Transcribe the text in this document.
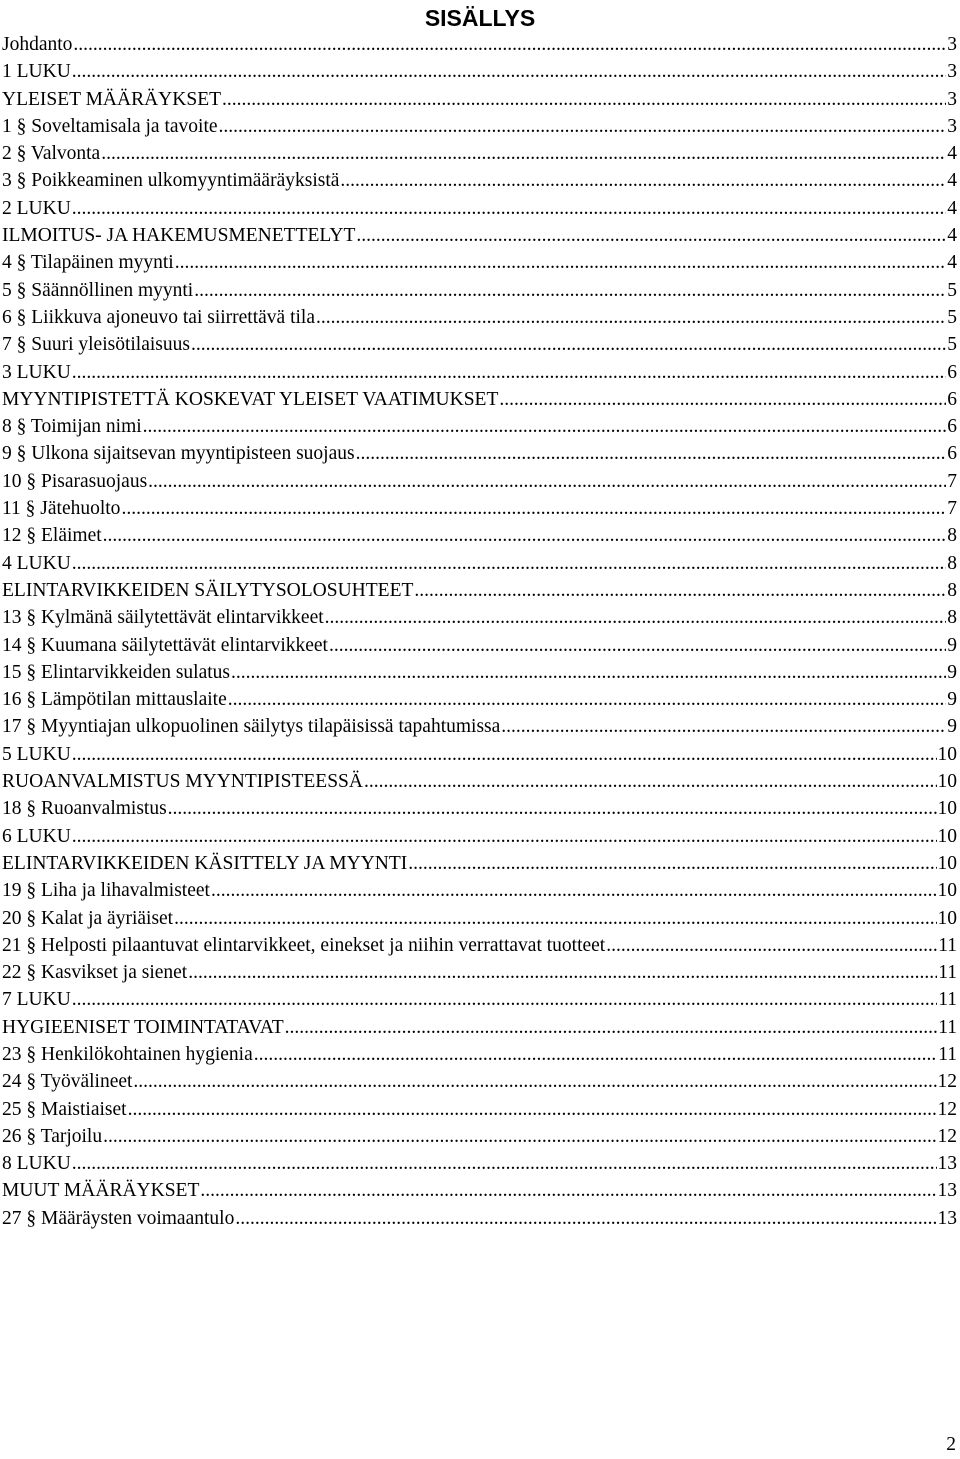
SISÄLLYS
Johdanto .....	3
1 LUKU .....	3
YLEISET MÄÄRÄYKSET .....	3
1 § Soveltamisala ja tavoite .....	3
2 § Valvonta .....	4
3 § Poikkeaminen ulkomyyntimääräyksistä .....	4
2 LUKU .....	4
ILMOITUS- JA HAKEMUSMENETTELYT .....	4
4 § Tilapäinen myynti .....	4
5 § Säännöllinen myynti .....	5
6 § Liikkuva ajoneuvo tai siirrettävä tila .....	5
7 § Suuri yleisötilaisuus .....	5
3 LUKU .....	6
MYYNTIPISTETTÄ KOSKEVAT YLEISET VAATIMUKSET .....	6
8 § Toimijan nimi .....	6
9 § Ulkona sijaitsevan myyntipisteen suojaus .....	6
10 § Pisarasuojaus .....	7
11 § Jätehuolto .....	7
12 § Eläimet .....	8
4 LUKU .....	8
ELINTARVIKKEIDEN SÄILYTYSOLOSUHTEET .....	8
13 § Kylmänä säilytettävät elintarvikkeet .....	8
14 § Kuumana säilytettävät elintarvikkeet .....	9
15 § Elintarvikkeiden sulatus .....	9
16 § Lämpötilan mittauslaite .....	9
17 § Myyntiajan ulkopuolinen säilytys tilapäisissä tapahtumissa .....	9
5 LUKU .....	10
RUOANVALMISTUS MYYNTIPISTEESSÄ .....	10
18 § Ruoanvalmistus .....	10
6 LUKU .....	10
ELINTARVIKKEIDEN KÄSITTELY JA MYYNTI .....	10
19 § Liha ja lihavalmisteet .....	10
20 § Kalat ja äyriäiset .....	10
21 § Helposti pilaantuvat elintarvikkeet, einekset ja niihin verrattavat tuotteet .....	11
22 § Kasvikset ja sienet .....	11
7 LUKU .....	11
HYGIEENISET TOIMINTATAVAT .....	11
23 § Henkilökohtainen hygienia .....	11
24 § Työvälineet .....	12
25 § Maistiaiset .....	12
26 § Tarjoilu .....	12
8 LUKU .....	13
MUUT MÄÄRÄYKSET .....	13
27 § Määräysten voimaantulo .....	13
2
